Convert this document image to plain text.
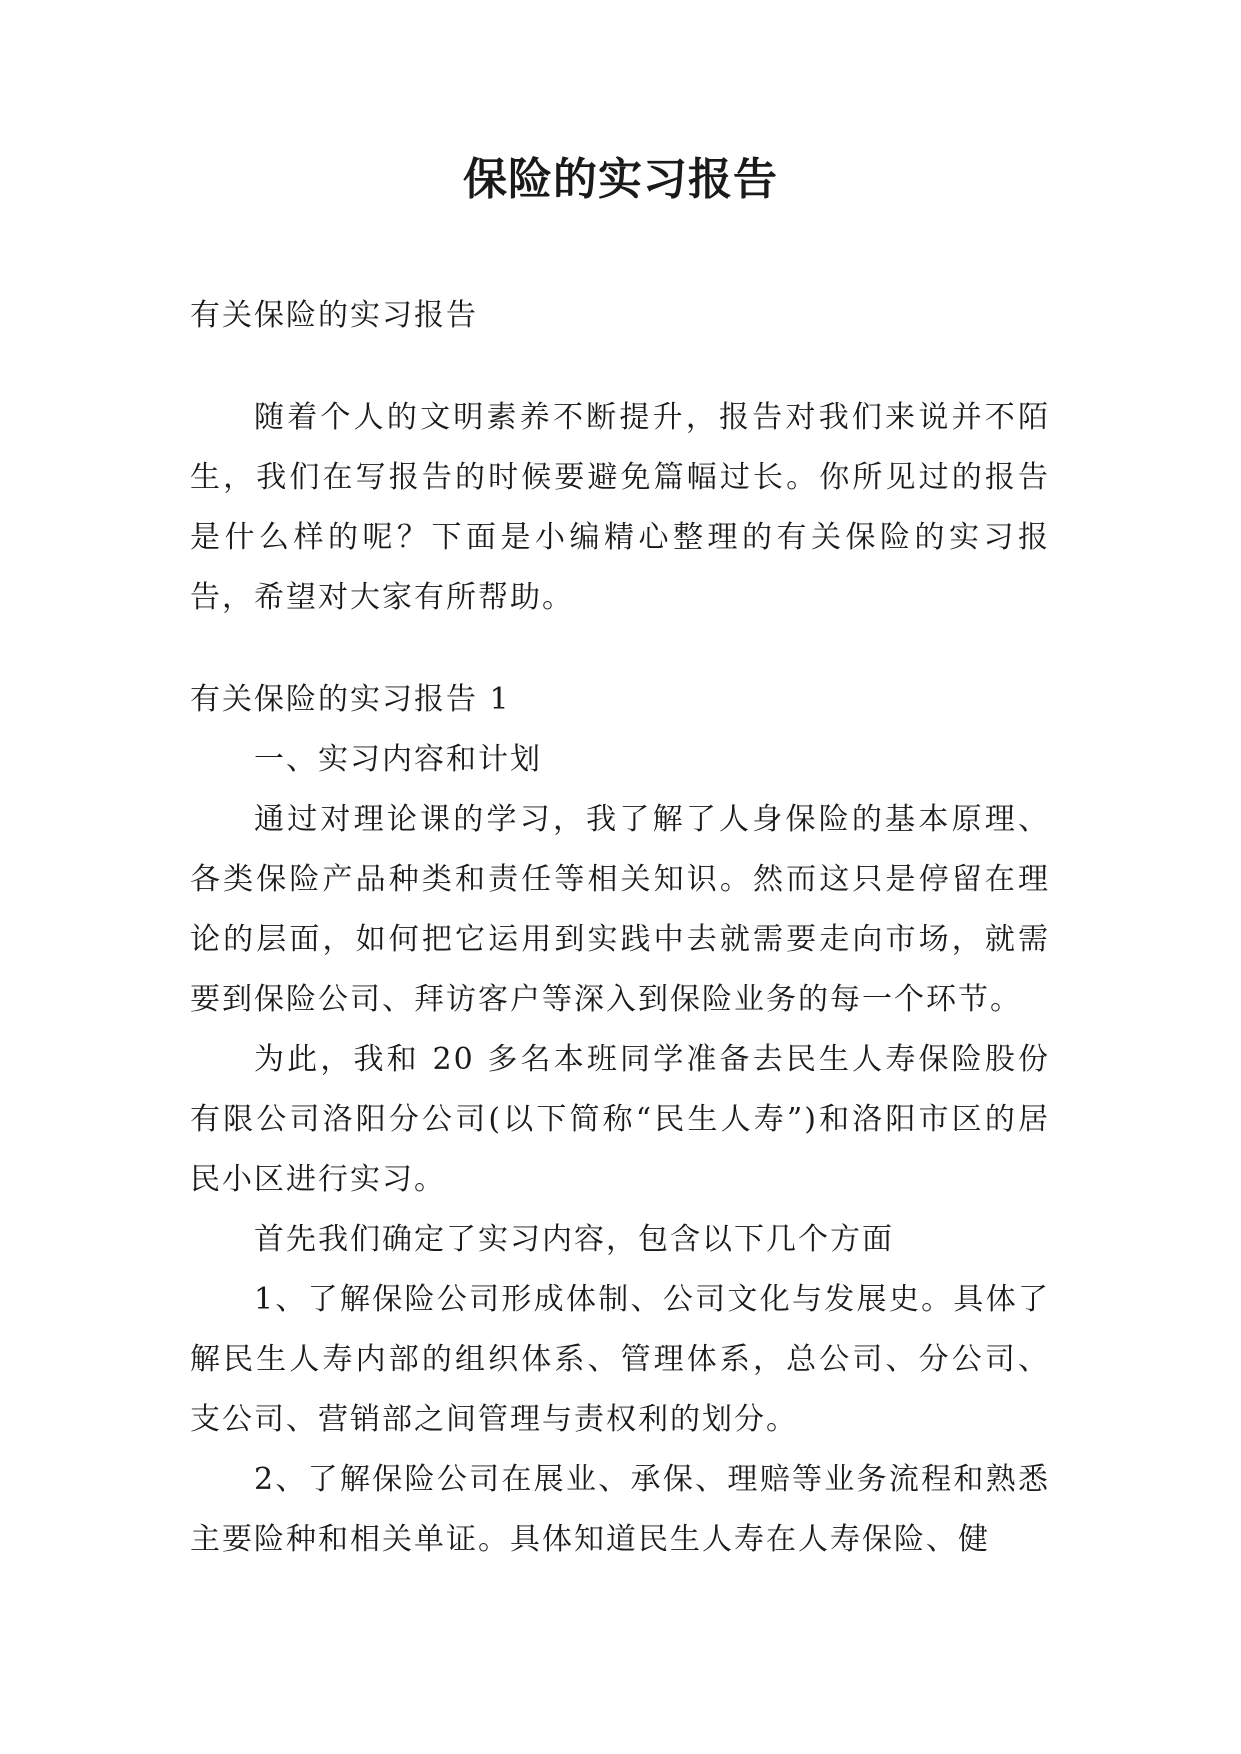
保险的实习报告

有关保险的实习报告

随着个人的文明素养不断提升，报告对我们来说并不陌生，我们在写报告的时候要避免篇幅过长。你所见过的报告是什么样的呢？下面是小编精心整理的有关保险的实习报告，希望对大家有所帮助。

有关保险的实习报告 1

一、实习内容和计划

通过对理论课的学习，我了解了人身保险的基本原理、各类保险产品种类和责任等相关知识。然而这只是停留在理论的层面，如何把它运用到实践中去就需要走向市场，就需要到保险公司、拜访客户等深入到保险业务的每一个环节。

为此，我和 20 多名本班同学准备去民生人寿保险股份有限公司洛阳分公司(以下简称“民生人寿”)和洛阳市区的居民小区进行实习。

首先我们确定了实习内容，包含以下几个方面

1、了解保险公司形成体制、公司文化与发展史。具体了解民生人寿内部的组织体系、管理体系，总公司、分公司、支公司、营销部之间管理与责权利的划分。

2、了解保险公司在展业、承保、理赔等业务流程和熟悉主要险种和相关单证。具体知道民生人寿在人寿保险、健
